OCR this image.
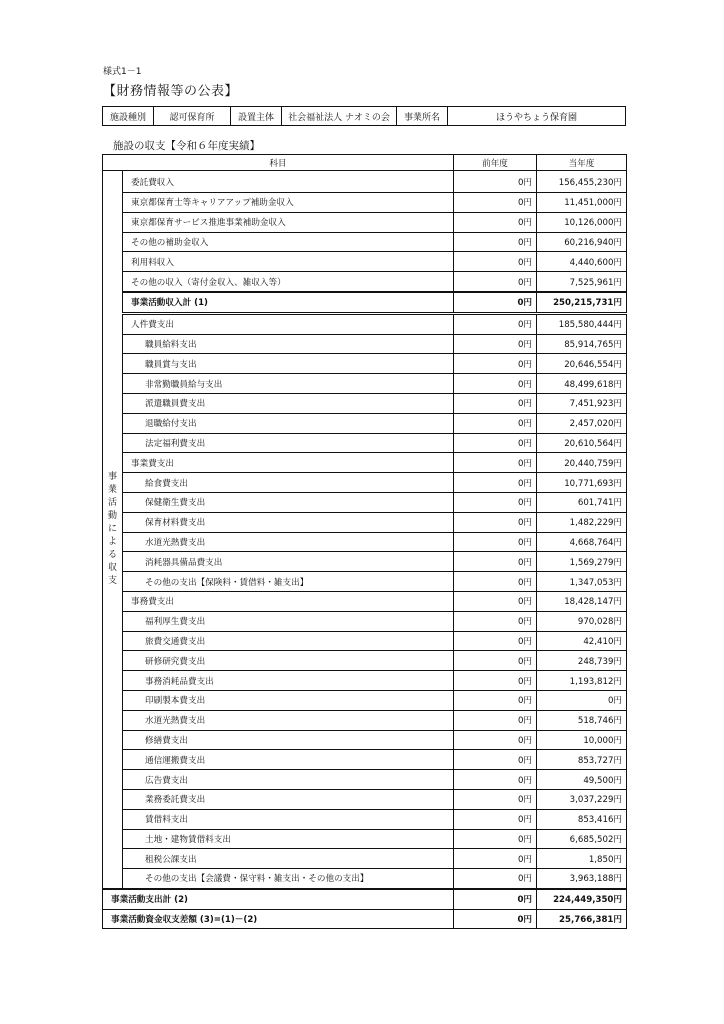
様式1－1
【財務情報等の公表】
施設種別	認可保育所	設置主体	社会福祉法人 ナオミの会	事業所名	ほうやちょう保育園
施設の収支【令和６年度実績】
科目		前年度	当年度
事業活動による収支	委託費収入	0円	156,455,230円
	東京都保育士等キャリアアップ補助金収入	0円	11,451,000円
	東京都保育サービス推進事業補助金収入	0円	10,126,000円
	その他の補助金収入	0円	60,216,940円
	利用料収入	0円	4,440,600円
	その他の収入（寄付金収入、雑収入等）	0円	7,525,961円
	事業活動収入計 (1)	0円	250,215,731円
	人件費支出	0円	185,580,444円
	職員給料支出	0円	85,914,765円
	職員賞与支出	0円	20,646,554円
	非常勤職員給与支出	0円	48,499,618円
	派遣職員費支出	0円	7,451,923円
	退職給付支出	0円	2,457,020円
	法定福利費支出	0円	20,610,564円
	事業費支出	0円	20,440,759円
	給食費支出	0円	10,771,693円
	保健衛生費支出	0円	601,741円
	保育材料費支出	0円	1,482,229円
	水道光熱費支出	0円	4,668,764円
	消耗器具備品費支出	0円	1,569,279円
	その他の支出【保険料・賃借料・雑支出】	0円	1,347,053円
	事務費支出	0円	18,428,147円
	福利厚生費支出	0円	970,028円
	旅費交通費支出	0円	42,410円
	研修研究費支出	0円	248,739円
	事務消耗品費支出	0円	1,193,812円
	印刷製本費支出	0円	0円
	水道光熱費支出	0円	518,746円
	修繕費支出	0円	10,000円
	通信運搬費支出	0円	853,727円
	広告費支出	0円	49,500円
	業務委託費支出	0円	3,037,229円
	賃借料支出	0円	853,416円
	土地・建物賃借料支出	0円	6,685,502円
	租税公課支出	0円	1,850円
	その他の支出【会議費・保守料・雑支出・その他の支出】	0円	3,963,188円
事業活動支出計 (2)		0円	224,449,350円
事業活動資金収支差額 (3)=(1)－(2)		0円	25,766,381円
